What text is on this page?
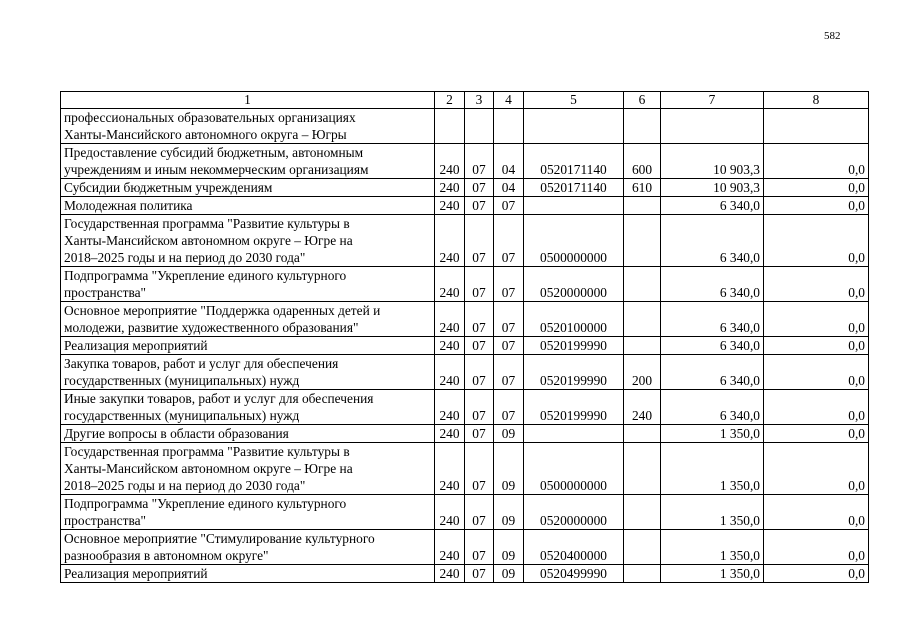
582
1	2	3	4	5	6	7	8
профессиональных образовательных организациях
Ханты-Мансийского автономного округа – Югры							
Предоставление субсидий бюджетным, автономным
учреждениям и иным некоммерческим организациям	240	07	04	0520171140	600	10 903,3	0,0
Субсидии бюджетным учреждениям	240	07	04	0520171140	610	10 903,3	0,0
Молодежная политика	240	07	07			6 340,0	0,0
Государственная программа "Развитие культуры в
Ханты-Мансийском автономном округе – Югре на
2018–2025 годы и на период до 2030 года"	240	07	07	0500000000		6 340,0	0,0
Подпрограмма "Укрепление единого культурного
пространства"	240	07	07	0520000000		6 340,0	0,0
Основное мероприятие "Поддержка одаренных детей и
молодежи, развитие художественного образования"	240	07	07	0520100000		6 340,0	0,0
Реализация мероприятий	240	07	07	0520199990		6 340,0	0,0
Закупка товаров, работ и услуг для обеспечения
государственных (муниципальных) нужд	240	07	07	0520199990	200	6 340,0	0,0
Иные закупки товаров, работ и услуг для обеспечения
государственных (муниципальных) нужд	240	07	07	0520199990	240	6 340,0	0,0
Другие вопросы в области образования	240	07	09			1 350,0	0,0
Государственная программа "Развитие культуры в
Ханты-Мансийском автономном округе – Югре на
2018–2025 годы и на период до 2030 года"	240	07	09	0500000000		1 350,0	0,0
Подпрограмма "Укрепление единого культурного
пространства"	240	07	09	0520000000		1 350,0	0,0
Основное мероприятие "Стимулирование культурного
разнообразия в автономном округе"	240	07	09	0520400000		1 350,0	0,0
Реализация мероприятий	240	07	09	0520499990		1 350,0	0,0
